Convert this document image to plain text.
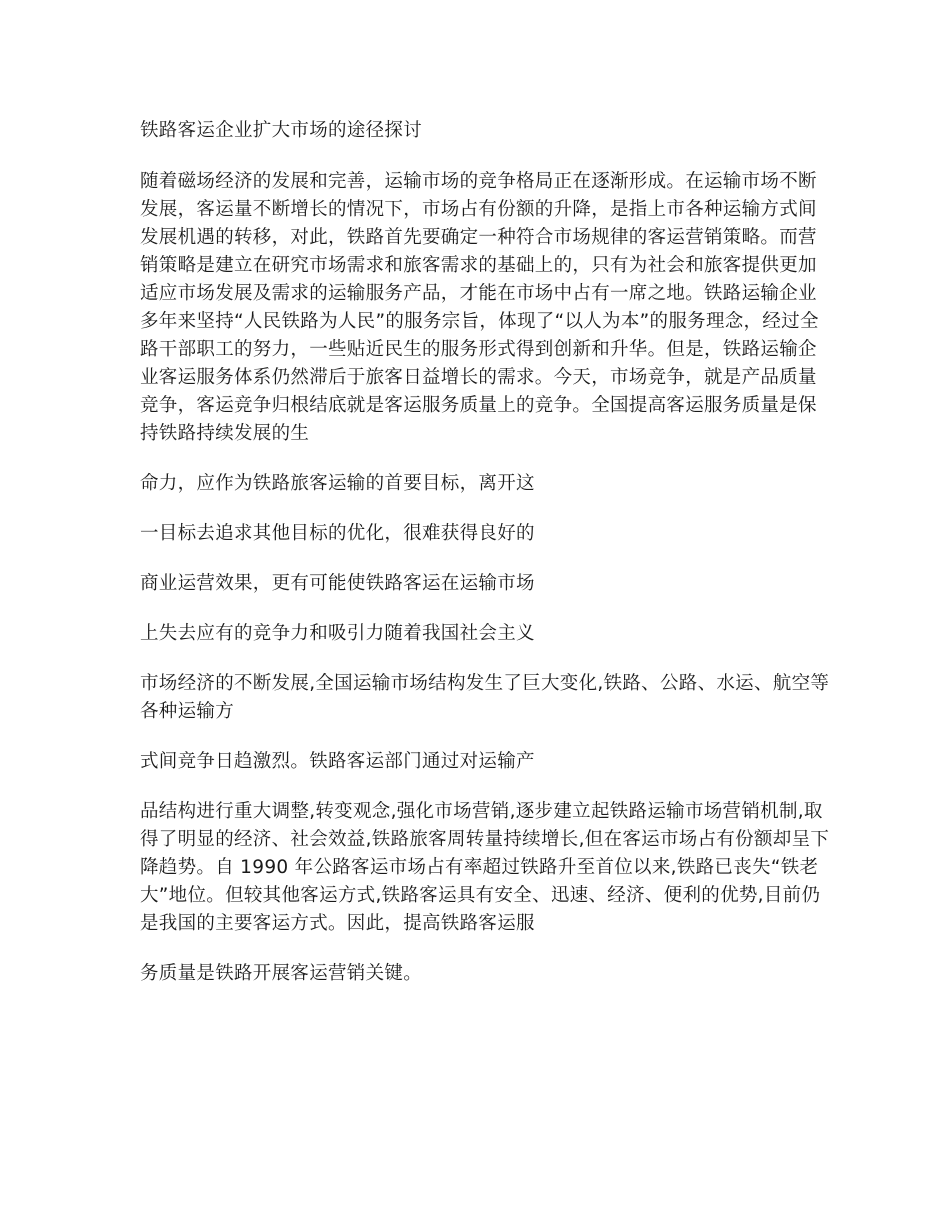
铁路客运企业扩大市场的途径探讨

随着磁场经济的发展和完善，运输市场的竞争格局正在逐渐形成。在运输市场不断发展，客运量不断增长的情况下，市场占有份额的升降，是指上市各种运输方式间发展机遇的转移，对此，铁路首先要确定一种符合市场规律的客运营销策略。而营销策略是建立在研究市场需求和旅客需求的基础上的，只有为社会和旅客提供更加适应市场发展及需求的运输服务产品，才能在市场中占有一席之地。铁路运输企业多年来坚持“人民铁路为人民”的服务宗旨，体现了“以人为本”的服务理念，经过全路干部职工的努力，一些贴近民生的服务形式得到创新和升华。但是，铁路运输企业客运服务体系仍然滞后于旅客日益增长的需求。今天，市场竞争，就是产品质量竞争，客运竞争归根结底就是客运服务质量上的竞争。全国提高客运服务质量是保持铁路持续发展的生

命力，应作为铁路旅客运输的首要目标，离开这

一目标去追求其他目标的优化，很难获得良好的

商业运营效果，更有可能使铁路客运在运输市场

上失去应有的竞争力和吸引力随着我国社会主义

市场经济的不断发展,全国运输市场结构发生了巨大变化,铁路、公路、水运、航空等各种运输方

式间竞争日趋激烈。铁路客运部门通过对运输产

品结构进行重大调整,转变观念,强化市场营销,逐步建立起铁路运输市场营销机制,取得了明显的经济、社会效益,铁路旅客周转量持续增长,但在客运市场占有份额却呈下降趋势。自 1990 年公路客运市场占有率超过铁路升至首位以来,铁路已丧失“铁老大”地位。但较其他客运方式,铁路客运具有安全、迅速、经济、便利的优势,目前仍是我国的主要客运方式。因此，提高铁路客运服

务质量是铁路开展客运营销关键。
